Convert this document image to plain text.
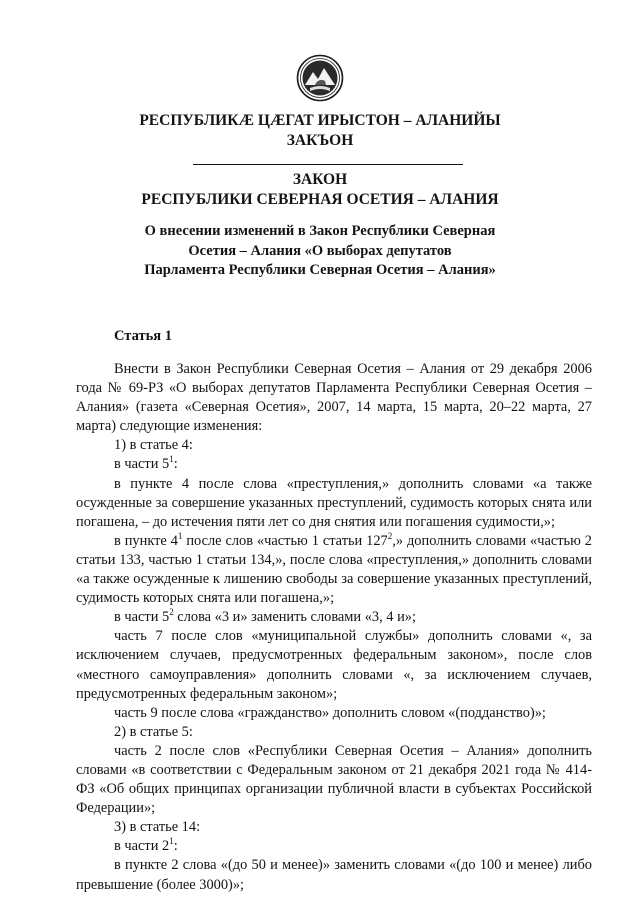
РЕСПУБЛИКӔ ЦӔГАТ ИРЫСТОН – АЛАНИЙЫ
ЗАКЪОН
ЗАКОН
РЕСПУБЛИКИ СЕВЕРНАЯ ОСЕТИЯ – АЛАНИЯ
О внесении изменений в Закон Республики Северная
Осетия – Алания «О выборах депутатов
Парламента Республики Северная Осетия – Алания»
Статья 1

Внести в Закон Республики Северная Осетия – Алания от 29 декабря 2006 года № 69-РЗ «О выборах депутатов Парламента Республики Северная Осетия – Алания» (газета «Северная Осетия», 2007, 14 марта, 15 марта, 20–22 марта, 27 марта) следующие изменения:

1) в статье 4:

в части $5^1$:

в пункте 4 после слова «преступления,» дополнить словами «а также осужденные за совершение указанных преступлений, судимость которых снята или погашена, – до истечения пяти лет со дня снятия или погашения судимости,»;

в пункте $4^1$ после слов «частью 1 статьи $127^2$,» дополнить словами «частью 2 статьи 133, частью 1 статьи 134,», после слова «преступления,» дополнить словами «а также осужденные к лишению свободы за совершение указанных преступлений, судимость которых снята или погашена,»;

в части $5^2$ слова «3 и» заменить словами «3, 4 и»;

часть 7 после слов «муниципальной службы» дополнить словами «, за исключением случаев, предусмотренных федеральным законом», после слов «местного самоуправления» дополнить словами «, за исключением случаев, предусмотренных федеральным законом»;

часть 9 после слова «гражданство» дополнить словом «(подданство)»;

2) в статье 5:

часть 2 после слов «Республики Северная Осетия – Алания» дополнить словами «в соответствии с Федеральным законом от 21 декабря 2021 года № 414-ФЗ «Об общих принципах организации публичной власти в субъектах Российской Федерации»;

3) в статье 14:

в части $2^1$:

в пункте 2 слова «(до 50 и менее)» заменить словами «(до 100 и менее) либо превышение (более 3000)»;
